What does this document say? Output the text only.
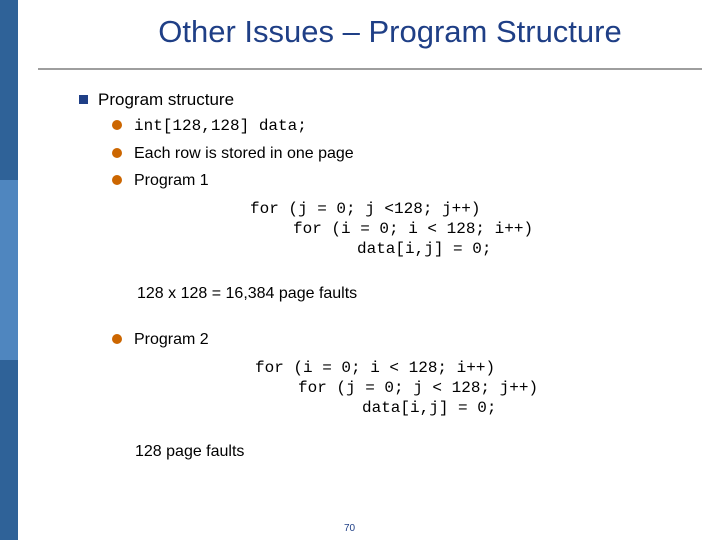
Other Issues – Program Structure
Program structure
int[128,128] data;
Each row is stored in one page
Program 1
for (j = 0; j <128; j++)
for (i = 0; i < 128; i++)
data[i,j] = 0;
128 x 128 = 16,384 page faults
Program 2
for (i = 0; i < 128; i++)
for (j = 0; j < 128; j++)
data[i,j] = 0;
128 page faults
70
